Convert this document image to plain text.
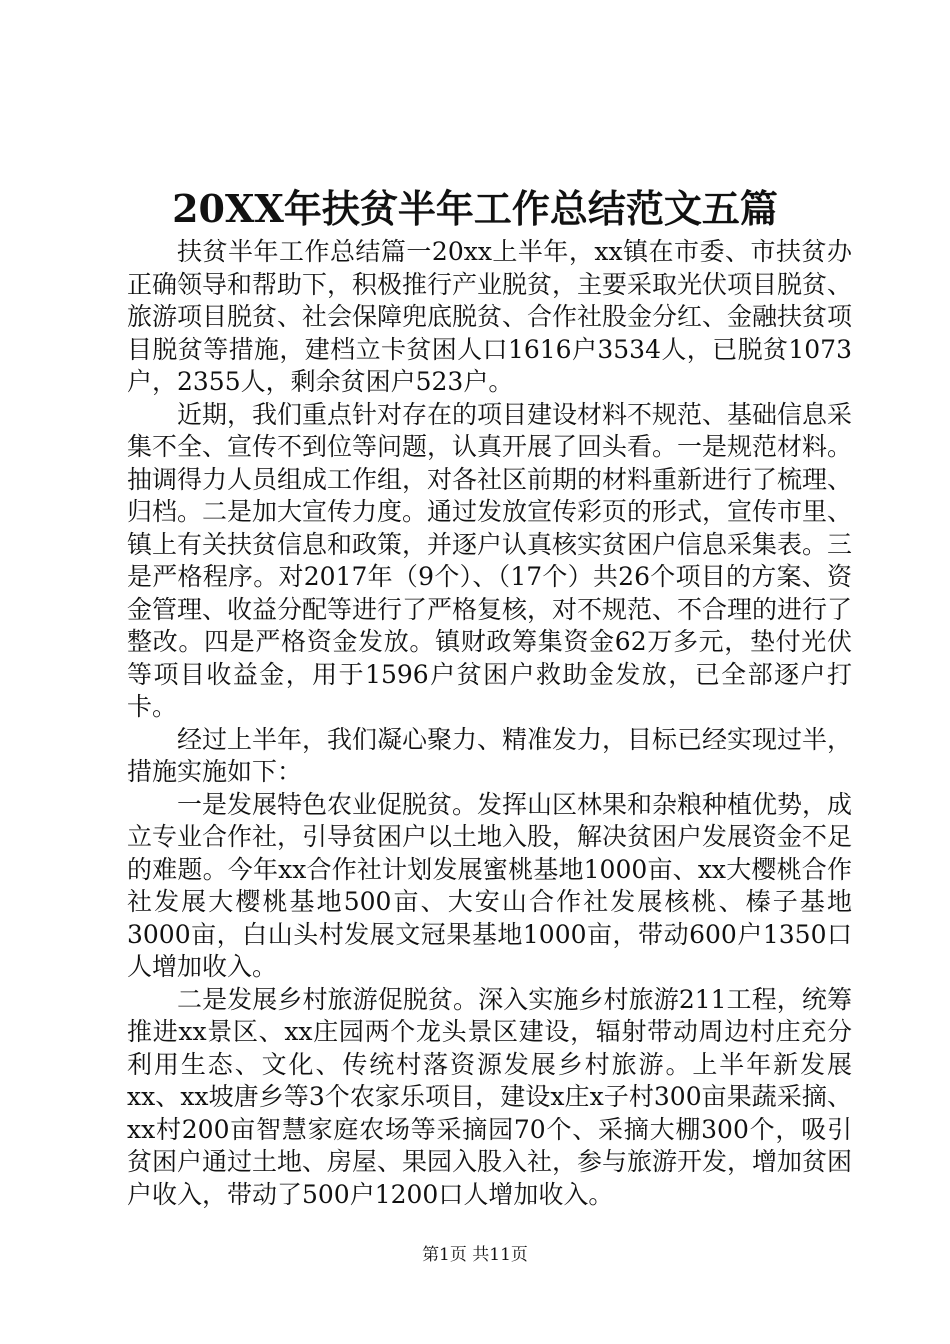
20XX年扶贫半年工作总结范文五篇

扶贫半年工作总结篇一20xx上半年，xx镇在市委、市扶贫办正确领导和帮助下，积极推行产业脱贫，主要采取光伏项目脱贫、旅游项目脱贫、社会保障兜底脱贫、合作社股金分红、金融扶贫项目脱贫等措施，建档立卡贫困人口1616户3534人，已脱贫1073户，2355人，剩余贫困户523户。

近期，我们重点针对存在的项目建设材料不规范、基础信息采集不全、宣传不到位等问题，认真开展了回头看。一是规范材料。抽调得力人员组成工作组，对各社区前期的材料重新进行了梳理、归档。二是加大宣传力度。通过发放宣传彩页的形式，宣传市里、镇上有关扶贫信息和政策，并逐户认真核实贫困户信息采集表。三是严格程序。对2017年（9个）、（17个）共26个项目的方案、资金管理、收益分配等进行了严格复核，对不规范、不合理的进行了整改。四是严格资金发放。镇财政筹集资金62万多元，垫付光伏等项目收益金，用于1596户贫困户救助金发放，已全部逐户打卡。

经过上半年，我们凝心聚力、精准发力，目标已经实现过半，措施实施如下：

一是发展特色农业促脱贫。发挥山区林果和杂粮种植优势，成立专业合作社，引导贫困户以土地入股，解决贫困户发展资金不足的难题。今年xx合作社计划发展蜜桃基地1000亩、xx大樱桃合作社发展大樱桃基地500亩、大安山合作社发展核桃、榛子基地3000亩，白山头村发展文冠果基地1000亩，带动600户1350口人增加收入。

二是发展乡村旅游促脱贫。深入实施乡村旅游211工程，统筹推进xx景区、xx庄园两个龙头景区建设，辐射带动周边村庄充分利用生态、文化、传统村落资源发展乡村旅游。上半年新发展xx、xx坡唐乡等3个农家乐项目，建设x庄x子村300亩果蔬采摘、xx村200亩智慧家庭农场等采摘园70个、采摘大棚300个，吸引贫困户通过土地、房屋、果园入股入社，参与旅游开发，增加贫困户收入，带动了500户1200口人增加收入。

第1页 共11页
